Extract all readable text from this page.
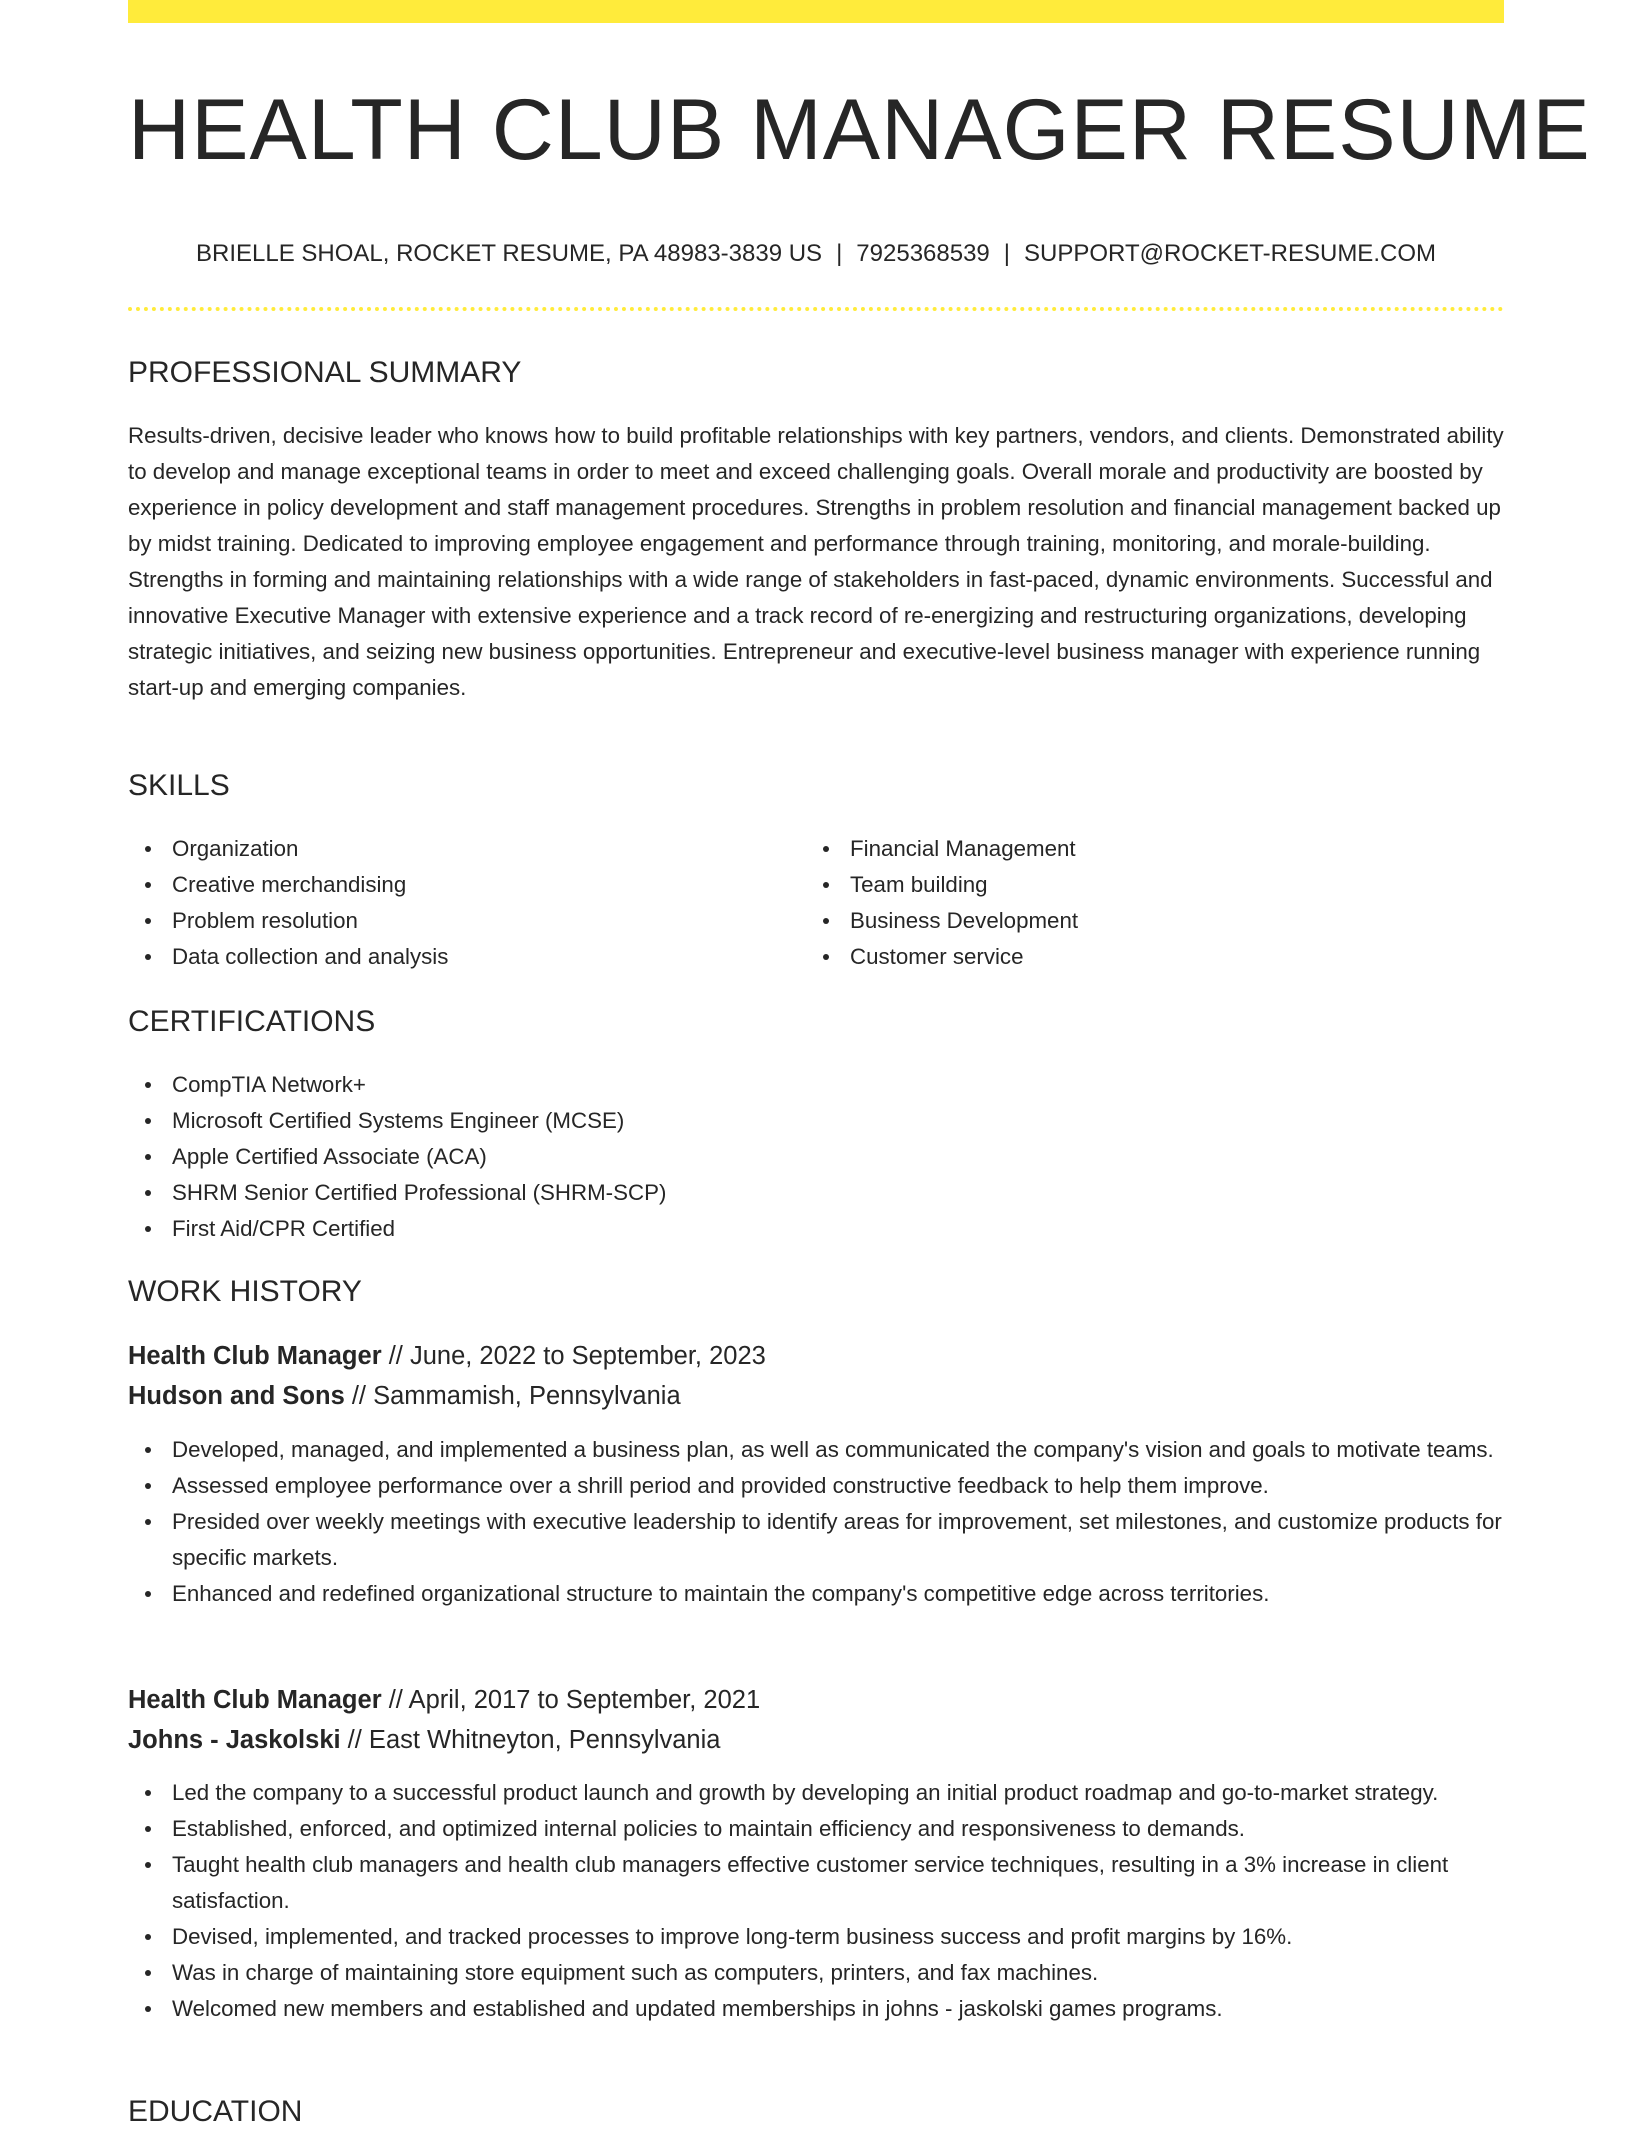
HEALTH CLUB MANAGER RESUME
BRIELLE SHOAL, ROCKET RESUME, PA 48983-3839 US | 7925368539 | SUPPORT@ROCKET-RESUME.COM
PROFESSIONAL SUMMARY

Results-driven, decisive leader who knows how to build profitable relationships with key partners, vendors, and clients. Demonstrated ability to develop and manage exceptional teams in order to meet and exceed challenging goals. Overall morale and productivity are boosted by experience in policy development and staff management procedures. Strengths in problem resolution and financial management backed up by midst training. Dedicated to improving employee engagement and performance through training, monitoring, and morale-building. Strengths in forming and maintaining relationships with a wide range of stakeholders in fast-paced, dynamic environments. Successful and innovative Executive Manager with extensive experience and a track record of re-energizing and restructuring organizations, developing strategic initiatives, and seizing new business opportunities. Entrepreneur and executive-level business manager with experience running start-up and emerging companies.

SKILLS
Organization
Creative merchandising
Problem resolution
Data collection and analysis
Financial Management
Team building
Business Development
Customer service
CERTIFICATIONS
CompTIA Network+
Microsoft Certified Systems Engineer (MCSE)
Apple Certified Associate (ACA)
SHRM Senior Certified Professional (SHRM-SCP)
First Aid/CPR Certified
WORK HISTORY
Health Club Manager // June, 2022 to September, 2023
Hudson and Sons // Sammamish, Pennsylvania
Developed, managed, and implemented a business plan, as well as communicated the company's vision and goals to motivate teams.
Assessed employee performance over a shrill period and provided constructive feedback to help them improve.
Presided over weekly meetings with executive leadership to identify areas for improvement, set milestones, and customize products for specific markets.
Enhanced and redefined organizational structure to maintain the company's competitive edge across territories.
Health Club Manager // April, 2017 to September, 2021
Johns - Jaskolski // East Whitneyton, Pennsylvania
Led the company to a successful product launch and growth by developing an initial product roadmap and go-to-market strategy.
Established, enforced, and optimized internal policies to maintain efficiency and responsiveness to demands.
Taught health club managers and health club managers effective customer service techniques, resulting in a 3% increase in client satisfaction.
Devised, implemented, and tracked processes to improve long-term business success and profit margins by 16%.
Was in charge of maintaining store equipment such as computers, printers, and fax machines.
Welcomed new members and established and updated memberships in johns - jaskolski games programs.
EDUCATION
